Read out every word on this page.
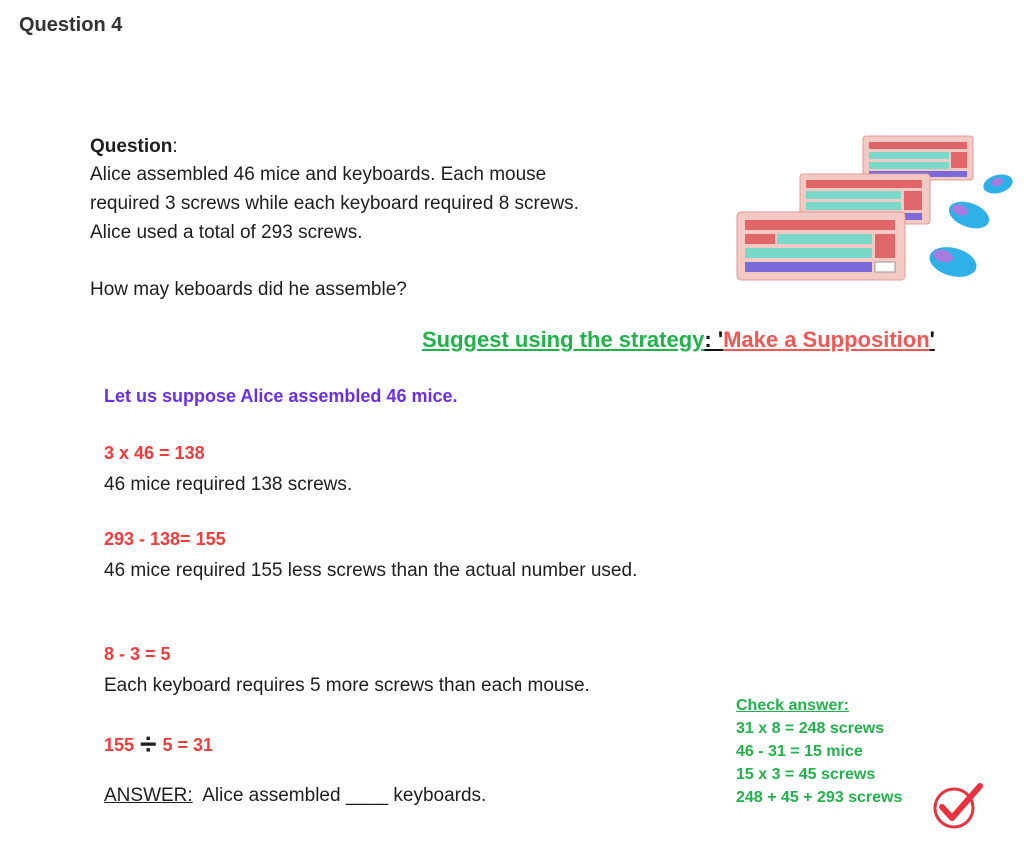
Question 4
Question:
Alice assembled 46 mice and keyboards. Each mouse
required 3 screws while each keyboard required 8 screws.
Alice used a total of 293 screws.
How may keboards did he assemble?
Suggest using the strategy: 'Make a Supposition'
Let us suppose Alice assembled 46 mice.
3 x 46 = 138
46 mice required 138 screws.
293 - 138= 155
46 mice required 155 less screws than the actual number used.
8 - 3 = 5
Each keyboard requires 5 more screws than each mouse.
155 ÷ 5 = 31
ANSWER: Alice assembled ____ keyboards.
Check answer:
31 x 8 = 248 screws
46 - 31 = 15 mice
15 x 3 = 45 screws
248 + 45 + 293 screws
